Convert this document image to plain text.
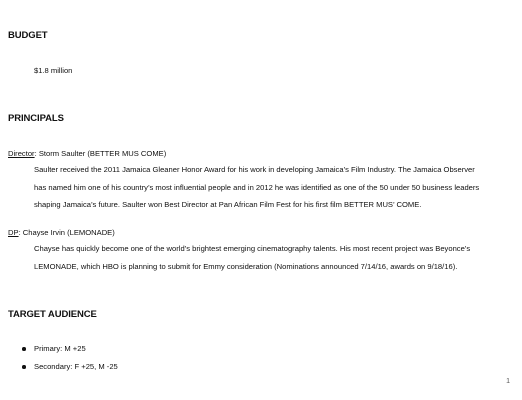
BUDGET

$1.8 million

PRINCIPALS

Director: Storm Saulter (BETTER MUS COME)

Saulter received the 2011 Jamaica Gleaner Honor Award for his work in developing Jamaica’s Film Industry. The Jamaica Observer

has named him one of his country’s most influential people and in 2012 he was identified as one of the 50 under 50 business leaders

shaping Jamaica’s future. Saulter won Best Director at Pan African Film Fest for his first film BETTER MUS’ COME.

DP: Chayse Irvin (LEMONADE)

Chayse has quickly become one of the world’s brightest emerging cinematography talents. His most recent project was Beyonce’s

LEMONADE, which HBO is planning to submit for Emmy consideration (Nominations announced 7/14/16, awards on 9/18/16).

TARGET AUDIENCE
Primary: M +25
Secondary: F +25, M -25
1
